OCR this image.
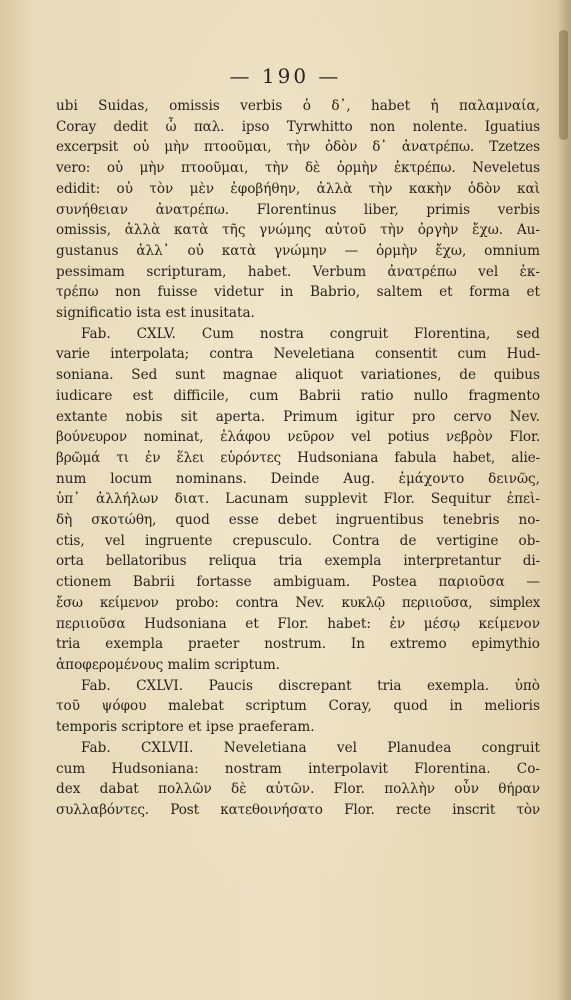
— 190 —
ubi Suidas, omissis verbis ὁ δ᾽, habet ἡ παλαμναία,
Coray dedit ὦ παλ. ipso Tyrwhitto non nolente. Iguatius
excerpsit οὐ μὴν πτοοῦμαι, τὴν ὁδὸν δ᾽ ἀνατρέπω. Tzetzes
vero: οὐ μὴν πτοοῦμαι, τὴν δὲ ὁρμὴν ἐκτρέπω. Neveletus
edidit: οὐ τὸν μὲν ἐφοβήθην, ἀλλὰ τὴν κακὴν ὁδὸν καὶ
συνήθειαν ἀνατρέπω. Florentinus liber, primis verbis
omissis, ἀλλὰ κατὰ τῆς γνώμης αὐτοῦ τὴν ὀργὴν ἔχω. Au-
gustanus ἀλλ᾽ οὐ κατὰ γνώμην — ὀρμὴν ἔχω, omnium
pessimam scripturam, habet. Verbum ἀνατρέπω vel ἐκ-
τρέπω non fuisse videtur in Babrio, saltem et forma et
significatio ista est inusitata.
Fab. CXLV. Cum nostra congruit Florentina, sed
varie interpolata; contra Neveletiana consentit cum Hud-
soniana. Sed sunt magnae aliquot variationes, de quibus
iudicare est difficile, cum Babrii ratio nullo fragmento
extante nobis sit aperta. Primum igitur pro cervo Nev.
βούνευρον nominat, ἐλάφου νεῦρον vel potius νεβρὸν Flor.
βρῶμά τι ἐν ἕλει εὑρόντες Hudsoniana fabula habet, alie-
num locum nominans. Deinde Aug. ἐμάχοντο δεινῶς,
ὑπ᾽ ἀλλήλων διατ. Lacunam supplevit Flor. Sequitur ἐπεὶ-
δὴ σκοτώθη, quod esse debet ingruentibus tenebris no-
ctis, vel ingruente crepusculo. Contra de vertigine ob-
orta bellatoribus reliqua tria exempla interpretantur di-
ctionem Babrii fortasse ambiguam. Postea παριοῦσα —
ἔσω κείμενον probo: contra Nev. κυκλῷ περιιοῦσα, simplex
περιιοῦσα Hudsoniana et Flor. habet: ἐν μέσῳ κείμενον
tria exempla praeter nostrum. In extremo epimythio
ἀποφερομένους malim scriptum.
Fab. CXLVI. Paucis discrepant tria exempla. ὑπὸ
τοῦ ψόφου malebat scriptum Coray, quod in melioris
temporis scriptore et ipse praeferam.
Fab. CXLVII. Neveletiana vel Planudea congruit
cum Hudsoniana: nostram interpolavit Florentina. Co-
dex dabat πολλῶν δὲ αὐτῶν. Flor. πολλὴν οὖν θήραν
συλλαβόντες. Post κατεθοινήσατο Flor. recte inscrit τὸν
